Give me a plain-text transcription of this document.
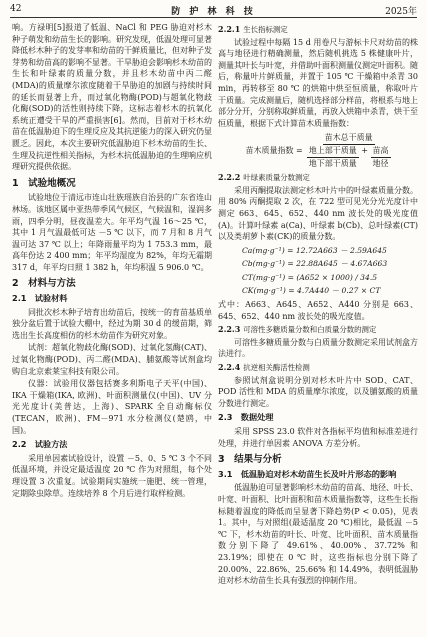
42	防 护 林 科 技	2025年

响。方禄明[5]报道了低温、NaCl 和 PEG 胁迫对杉木种子萌发和幼苗生长的影响。研究发现，低温处理可显著降低杉木种子的发芽率和幼苗的干鲜质量比，但对种子发芽势和幼苗高的影响不显著。干旱胁迫会影响杉木幼苗的生长和叶绿素的质量分数，并且杉木幼苗中丙二醛(MDA)的质量摩尔浓度随着干旱胁迫的加剧与持续时间的延长而显著上升，而过氧化物酶(POD)与超氧化物歧化酶(SOD)的活性则持续下降，这标志着杉木的抗氧化系统正遭受干旱的严重损害[6]。然而，目前对于杉木幼苗在低温胁迫下的生理反应及其抗逆能力的深入研究仍显匮乏。因此，本次主要研究低温胁迫下杉木幼苗的生长、生理及抗逆性相关指标，为杉木抗低温胁迫的生理响应机理研究提供依据。

1　试验地概况

试验地位于清远市连山壮族瑶族自治县的广东省连山林场。该地区属中亚热带季风气候区，气候温和，湿润多雨，四季分明，昼夜温差大。年平均气温 16～25 ℃，其中 1 月气温最低可达 －5 ℃ 以下，而 7 月和 8 月气温可达 37 ℃ 以上；年降雨量平均为 1 753.3 mm，最高年份达 2 400 mm；年平均湿度为 82%，年均无霜期 317 d，年平均日照 1 382 h，年均积温 5 906.0 ℃。

2　材料与方法
2.1　试验材料

同批次杉木种子培育出幼苗后，按统一的育苗基质单独分盆后置于试验大棚中，经过为期 30 d 的缓苗期，筛选出生长高度相仿的杉木幼苗作为研究对象。

试剂：超氧化物歧化酶(SOD)、过氧化氢酶(CAT)、过氧化物酶(POD)、丙二醛(MDA)、脯氨酸等试剂盒均购自北京索莱宝科技有限公司。

仪器：试验用仪器包括赛多利斯电子天平(中国)、IKA 干燥箱(IKA, 欧洲)、叶面积测量仪(中国)、UV 分光光度计(美普达，上海)、SPARK 全自动酶标仪(TECAN，欧洲)、FM－971 水分检测仪(楚鸥，中国)。

2.2　试验方法

采用单因素试验设计，设置 －5、0、5 ℃ 3 个不同低温环境，并设定最适温度 20 ℃ 作为对照组，每个处理设置 3 次重复。试验期间实施统一施肥、统一管理，定期除虫除草。连续培养 8 个月后进行取样检测。

2.2.1 生长指标测定

试验过程中每隔 15 d 用卷尺与游标卡尺对幼苗的株高与地径进行精确测量，然后随机挑选 5 株健康叶片，测量其叶长与叶宽，并借助叶面积测量仪测定叶面积。随后，称量叶片鲜质量，并置于 105 ℃ 干燥箱中杀青 30 min，再转移至 80 ℃ 的烘箱中烘至恒质量，称取叶片干质量。完成测量后，随机选择部分样苗，将根系与地上部分分开，分别称取鲜质量，再放入烘箱中杀青，烘干至恒质量，根据下式计算苗木质量指数：

苗木质量指数 =
苗木总干质量
$\frac{\text{地上部干质量}}{\text{地下部干质量}} + \frac{\text{苗高}}{\text{地径}}$
2.2.2 叶绿素质量分数测定

采用丙酮提取法测定杉木叶片中的叶绿素质量分数。用 80% 丙酮提取 2 次，在 722 型可见光分光光度计中测定 663、645、652、440 nm 波长处的吸光度值(A)。计算叶绿素 a(Ca)、叶绿素 b(Cb)、总叶绿素(CT)以及类胡萝卜素(CK)的质量分数。

Ca(mg·g⁻¹) = 12.72A663 － 2.59A645
Cb(mg·g⁻¹) = 22.88A645 － 4.67A663
CT(mg·g⁻¹) = (A652 × 1000) / 34.5
CK(mg·g⁻¹) = 4.7A440 － 0.27 × CT

式中：A663、A645、A652、A440 分别是 663、645、652、440 nm 波长处的吸光度值。

2.2.3 可溶性多糖质量分数和白质量分数的测定

可溶性多糖质量分数与白质量分数测定采用试剂盒方法进行。

2.2.4 抗逆相关酶活性检测

参照试剂盒说明分别对杉木叶片中 SOD、CAT、POD 活性和 MDA 的质量摩尔浓度，以及脯氨酸的质量分数进行测定。

2.3　数据处理

采用 SPSS 23.0 软件对各指标平均值和标准差进行处理，并进行单因素 ANOVA 方差分析。

3　结果与分析
3.1　低温胁迫对杉木幼苗生长及叶片形态的影响

低温胁迫可显著影响杉木幼苗的苗高、地径、叶长、叶宽、叶面积、比叶面积和苗木质量指数等，这些生长指标随着温度的降低而呈显著下降趋势(P < 0.05)，见表 1。其中，与对照组(最适温度 20 ℃)相比，最低温 －5 ℃ 下，杉木幼苗的叶长、叶宽、比叶面积、苗木质量指数分别下降了 49.61%、40.00%、37.72% 和 23.19%；即使在 0 ℃ 时，这些指标也分别下降了 20.00%、22.86%、25.66% 和 14.49%，表明低温胁迫对杉木幼苗生长具有强烈的抑制作用。
